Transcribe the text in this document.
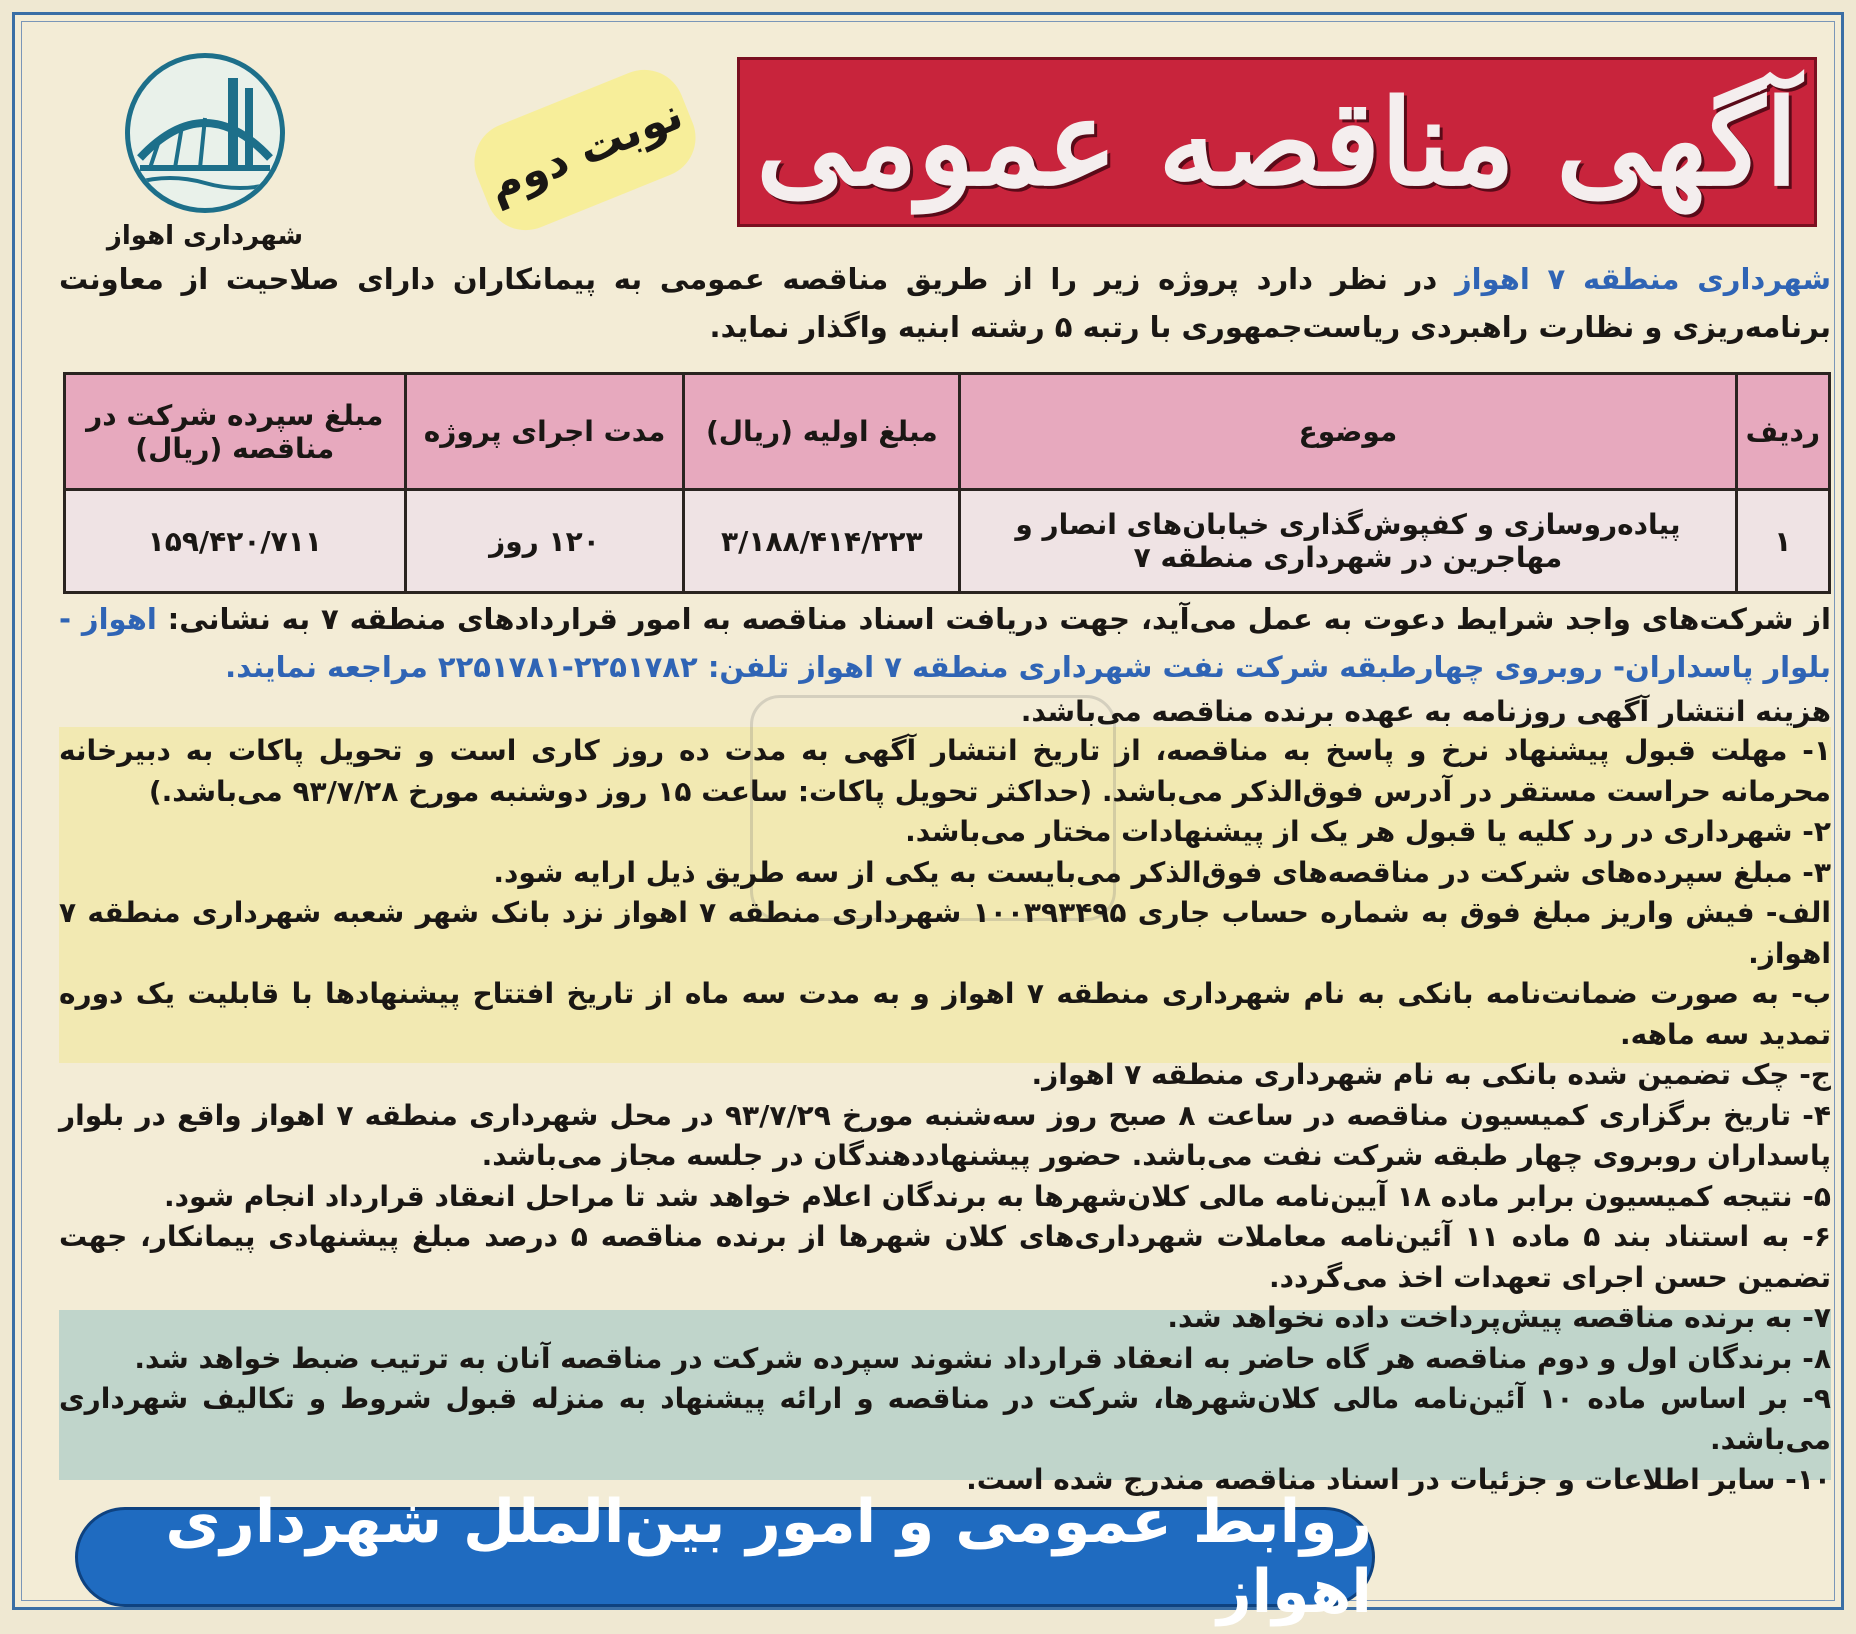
شهرداری اهواز
نوبت دوم آگهی مناقصه عمومی
شهرداری منطقه ۷ اهواز در نظر دارد پروژه زیر را از طریق مناقصه عمومی به پیمانکاران دارای صلاحیت از معاونت برنامه‌ریزی و نظارت راهبردی ریاست‌جمهوری با رتبه ۵ رشته ابنیه واگذار نماید.
ردیف	موضوع	مبلغ اولیه (ریال)	مدت اجرای پروژه	مبلغ سپرده شرکت در مناقصه (ریال)
۱	پیاده‌روسازی و کفپوش‌گذاری خیابان‌های انصار و مهاجرین در شهرداری منطقه ۷	۳/۱۸۸/۴۱۴/۲۲۳	۱۲۰ روز	۱۵۹/۴۲۰/۷۱۱
از شرکت‌های واجد شرایط دعوت به عمل می‌آید، جهت دریافت اسناد مناقصه به امور قراردادهای منطقه ۷ به نشانی: اهواز - بلوار پاسداران- روبروی چهارطبقه شرکت نفت شهرداری منطقه ۷ اهواز تلفن: ۲۲۵۱۷۸۲-۲۲۵۱۷۸۱ مراجعه نمایند.
هزینه انتشار آگهی روزنامه به عهده برنده مناقصه می‌باشد.

۱- مهلت قبول پیشنهاد نرخ و پاسخ به مناقصه، از تاریخ انتشار آگهی به مدت ده روز کاری است و تحویل پاکات به دبیرخانه محرمانه حراست مستقر در آدرس فوق‌الذکر می‌باشد. (حداکثر تحویل پاکات: ساعت ۱۵ روز دوشنبه مورخ ۹۳/۷/۲۸ می‌باشد.)

۲- شهرداری در رد کلیه یا قبول هر یک از پیشنهادات مختار می‌باشد.

۳- مبلغ سپرده‌های شرکت در مناقصه‌های فوق‌الذکر می‌بایست به یکی از سه طریق ذیل ارایه شود.

الف- فیش واریز مبلغ فوق به شماره حساب جاری ۱۰۰۳۹۳۴۹۵ شهرداری منطقه ۷ اهواز نزد بانک شهر شعبه شهرداری منطقه ۷ اهواز.

ب- به صورت ضمانت‌نامه بانکی به نام شهرداری منطقه ۷ اهواز و به مدت سه ماه از تاریخ افتتاح پیشنهادها با قابلیت یک دوره تمدید سه ماهه.

ج- چک تضمین شده بانکی به نام شهرداری منطقه ۷ اهواز.

۴- تاریخ برگزاری کمیسیون مناقصه در ساعت ۸ صبح روز سه‌شنبه مورخ ۹۳/۷/۲۹ در محل شهرداری منطقه ۷ اهواز واقع در بلوار پاسداران روبروی چهار طبقه شرکت نفت می‌باشد. حضور پیشنهاددهندگان در جلسه مجاز می‌باشد.

۵- نتیجه کمیسیون برابر ماده ۱۸ آیین‌نامه مالی کلان‌شهرها به برندگان اعلام خواهد شد تا مراحل انعقاد قرارداد انجام شود.

۶- به استناد بند ۵ ماده ۱۱ آئین‌نامه معاملات شهرداری‌های کلان شهرها از برنده مناقصه ۵ درصد مبلغ پیشنهادی پیمانکار، جهت تضمین حسن اجرای تعهدات اخذ می‌گردد.

۷- به برنده مناقصه پیش‌پرداخت داده نخواهد شد.

۸- برندگان اول و دوم مناقصه هر گاه حاضر به انعقاد قرارداد نشوند سپرده شرکت در مناقصه آنان به ترتیب ضبط خواهد شد.

۹- بر اساس ماده ۱۰ آئین‌نامه مالی کلان‌شهرها، شرکت در مناقصه و ارائه پیشنهاد به منزله قبول شروط و تکالیف شهرداری می‌باشد.

۱۰- سایر اطلاعات و جزئیات در اسناد مناقصه مندرج شده است.

روابط عمومی و امور بین‌الملل شهرداری اهواز
